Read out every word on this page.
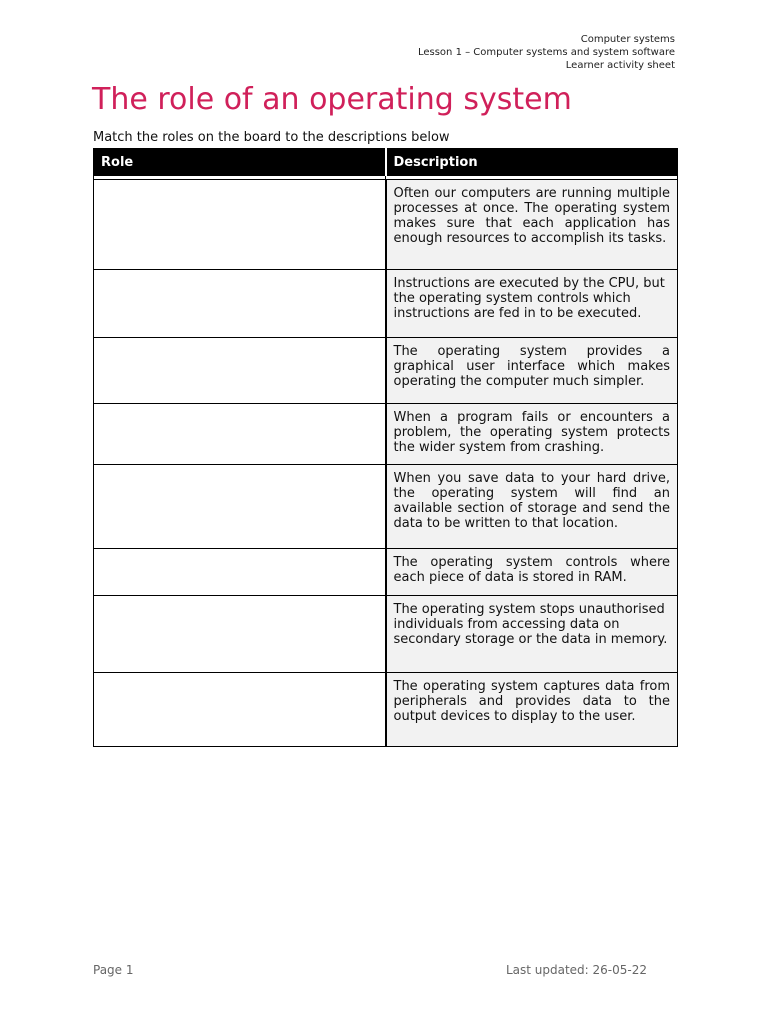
Computer systems
Lesson 1 – Computer systems and system software
Learner activity sheet
The role of an operating system
Match the roles on the board to the descriptions below
Role	Description

	Often our computers are running multiple processes at once. The operating system makes sure that each application has enough resources to accomplish its tasks.
	Instructions are executed by the CPU, but the operating system controls which instructions are fed in to be executed.
	The operating system provides a graphical user interface which makes operating the computer much simpler.
	When a program fails or encounters a problem, the operating system protects the wider system from crashing.
	When you save data to your hard drive, the operating system will find an available section of storage and send the data to be written to that location.
	The operating system controls where each piece of data is stored in RAM.
	The operating system stops unauthorised individuals from accessing data on secondary storage or the data in memory.
	The operating system captures data from peripherals and provides data to the output devices to display to the user.
Page 1	Last updated: 26-05-22
